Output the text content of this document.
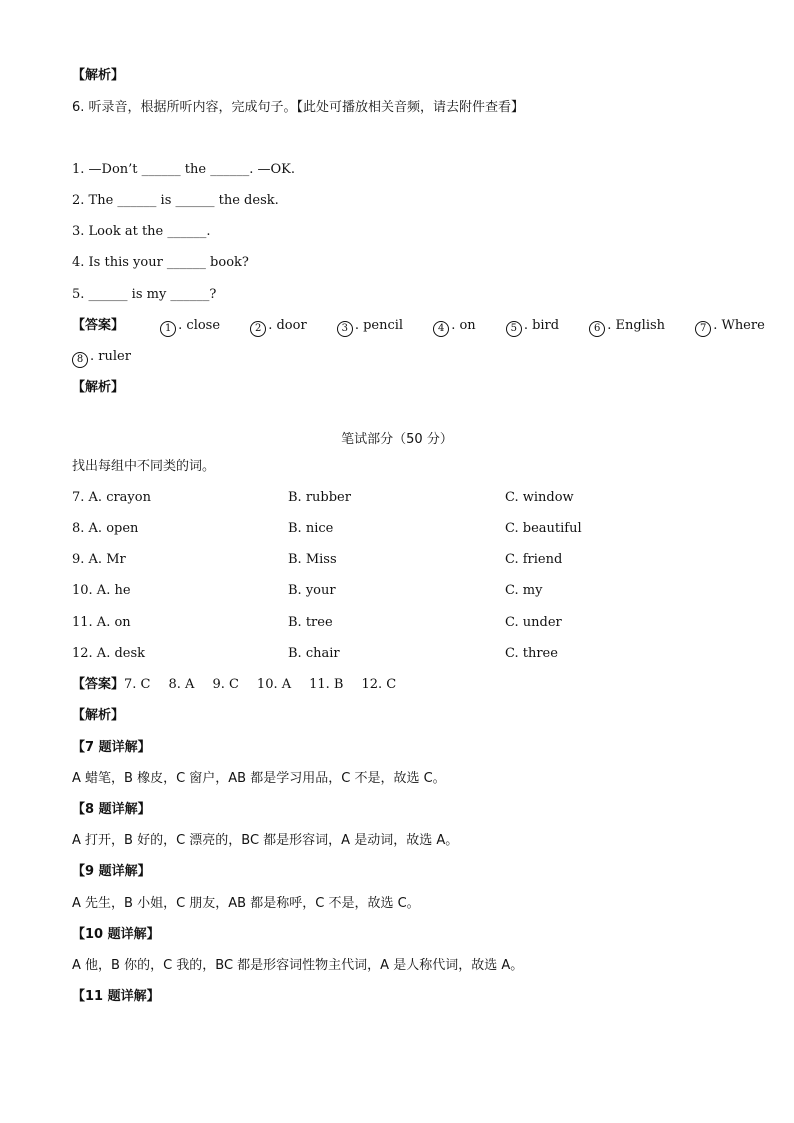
【解析】
6. 听录音，根据所听内容，完成句子。【此处可播放相关音频，请去附件查看】
1. —Don’t ______ the ______. —OK.
2. The ______ is ______ the desk.
3. Look at the ______.
4. Is this your ______ book?
5. ______ is my ______?
【答案】	1 . close	2 . door	3 . pencil	4 . on	5 . bird	6 . English	7 . Where
8 . ruler
【解析】
笔试部分（50 分）
找出每组中不同类的词。
7. A. crayon	B. rubber	C. window
8. A. open	B. nice	C. beautiful
9. A. Mr	B. Miss	C. friend
10. A. he	B. your	C. my
11. A. on	B. tree	C. under
12. A. desk	B. chair	C. three
【答案】7. C 8. A 9. C 10. A 11. B 12. C
【解析】
【7 题详解】
A 蜡笔，B 橡皮，C 窗户，AB 都是学习用品，C 不是，故选 C。
【8 题详解】
A 打开，B 好的，C 漂亮的，BC 都是形容词，A 是动词，故选 A。
【9 题详解】
A 先生，B 小姐，C 朋友，AB 都是称呼，C 不是，故选 C。
【10 题详解】
A 他，B 你的，C 我的，BC 都是形容词性物主代词，A 是人称代词，故选 A。
【11 题详解】
